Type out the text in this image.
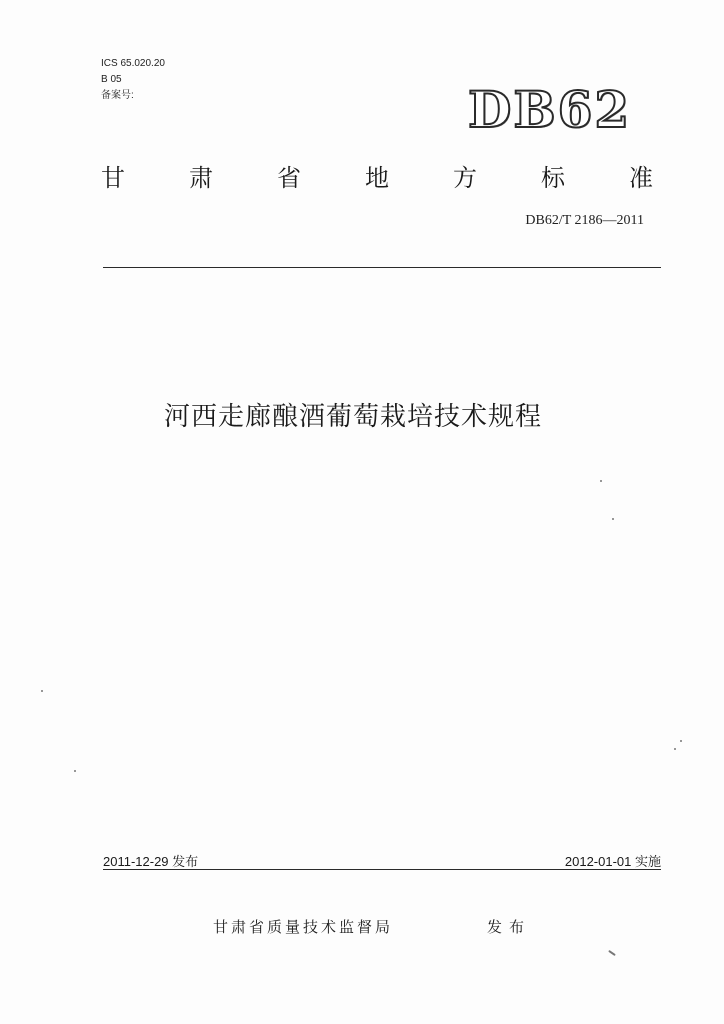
ICS 65.020.20
B 05
备案号:	DB62
甘	肃	省	地	方	标	准
DB62/T 2186—2011
河西走廊酿酒葡萄栽培技术规程
2011-12-29 发布	2012-01-01 实施
甘肃省质量技术监督局	发布
